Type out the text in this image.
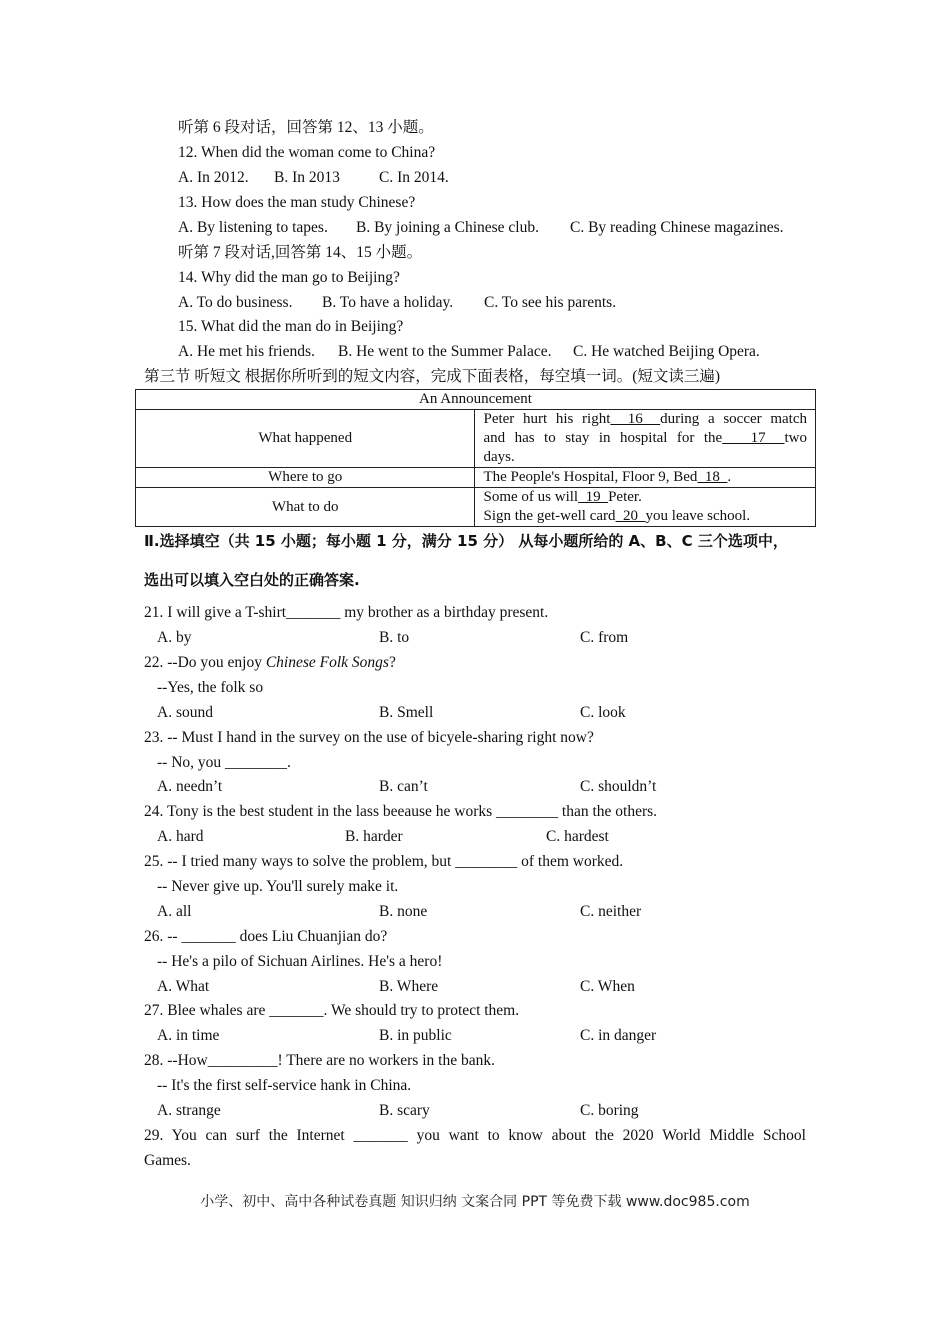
听第 6 段对话，回答第 12、13 小题。
12. When did the woman come to China?
A. In 2012. B. In 2013	C. In 2014.
13. How does the man study Chinese?
A. By listening to tapes. B. By joining a Chinese club. C. By reading Chinese magazines.
听第 7 段对话,回答第 14、15 小题。
14. Why did the man go to Beijing?
A. To do business. B. To have a holiday. C. To see his parents.
15. What did the man do in Beijing?
A. He met his friends. B. He went to the Summer Palace. C. He watched Beijing Opera.
第三节 听短文 根据你所听到的短文内容，完成下面表格，每空填一词。(短文读三遍)
An Announcement	
What happened	Peter hurt his right  16  during a soccer match
and has to stay in hospital for the   17  two
days.

Where to go	The People's Hospital, Floor 9, Bed  18  .
What to do	Some of us will  19  Peter.
Sign the get-well card  20  you leave school.
Ⅱ.选择填空（共 15 小题；每小题 1 分，满分 15 分） 从每小题所给的 A、B、C 三个选项中，
选出可以填入空白处的正确答案.
21. I will give a T-shirt_______ my brother as a birthday present.
A. by	B. to	C. from
22. --Do you enjoy Chinese Folk Songs?
--Yes, the folk so
A. sound	B. Smell	C. look
23. -- Must I hand in the survey on the use of bicyele-sharing right now?
-- No, you ________.
A. needn’t	B. can’t	C. shouldn’t
24. Tony is the best student in the lass beeause he works ________ than the others.
A. hard	B. harder	C. hardest
25. -- I tried many ways to solve the problem, but ________ of them worked.
-- Never give up. You'll surely make it.
A. all	B. none	C. neither
26. -- _______ does Liu Chuanjian do?
-- He's a pilo of Sichuan Airlines. He's a hero!
A. What	B. Where	C. When
27. Blee whales are _______. We should try to protect them.
A. in time	B. in public	C. in danger
28. --How_________! There are no workers in the bank.
-- It's the first self-service hank in China.
A. strange	B. scary	C. boring
29. You can surf the Internet _______ you want to know about the 2020 World Middle School
Games.
小学、初中、高中各种试卷真题 知识归纳 文案合同 PPT 等免费下载 www.doc985.com
